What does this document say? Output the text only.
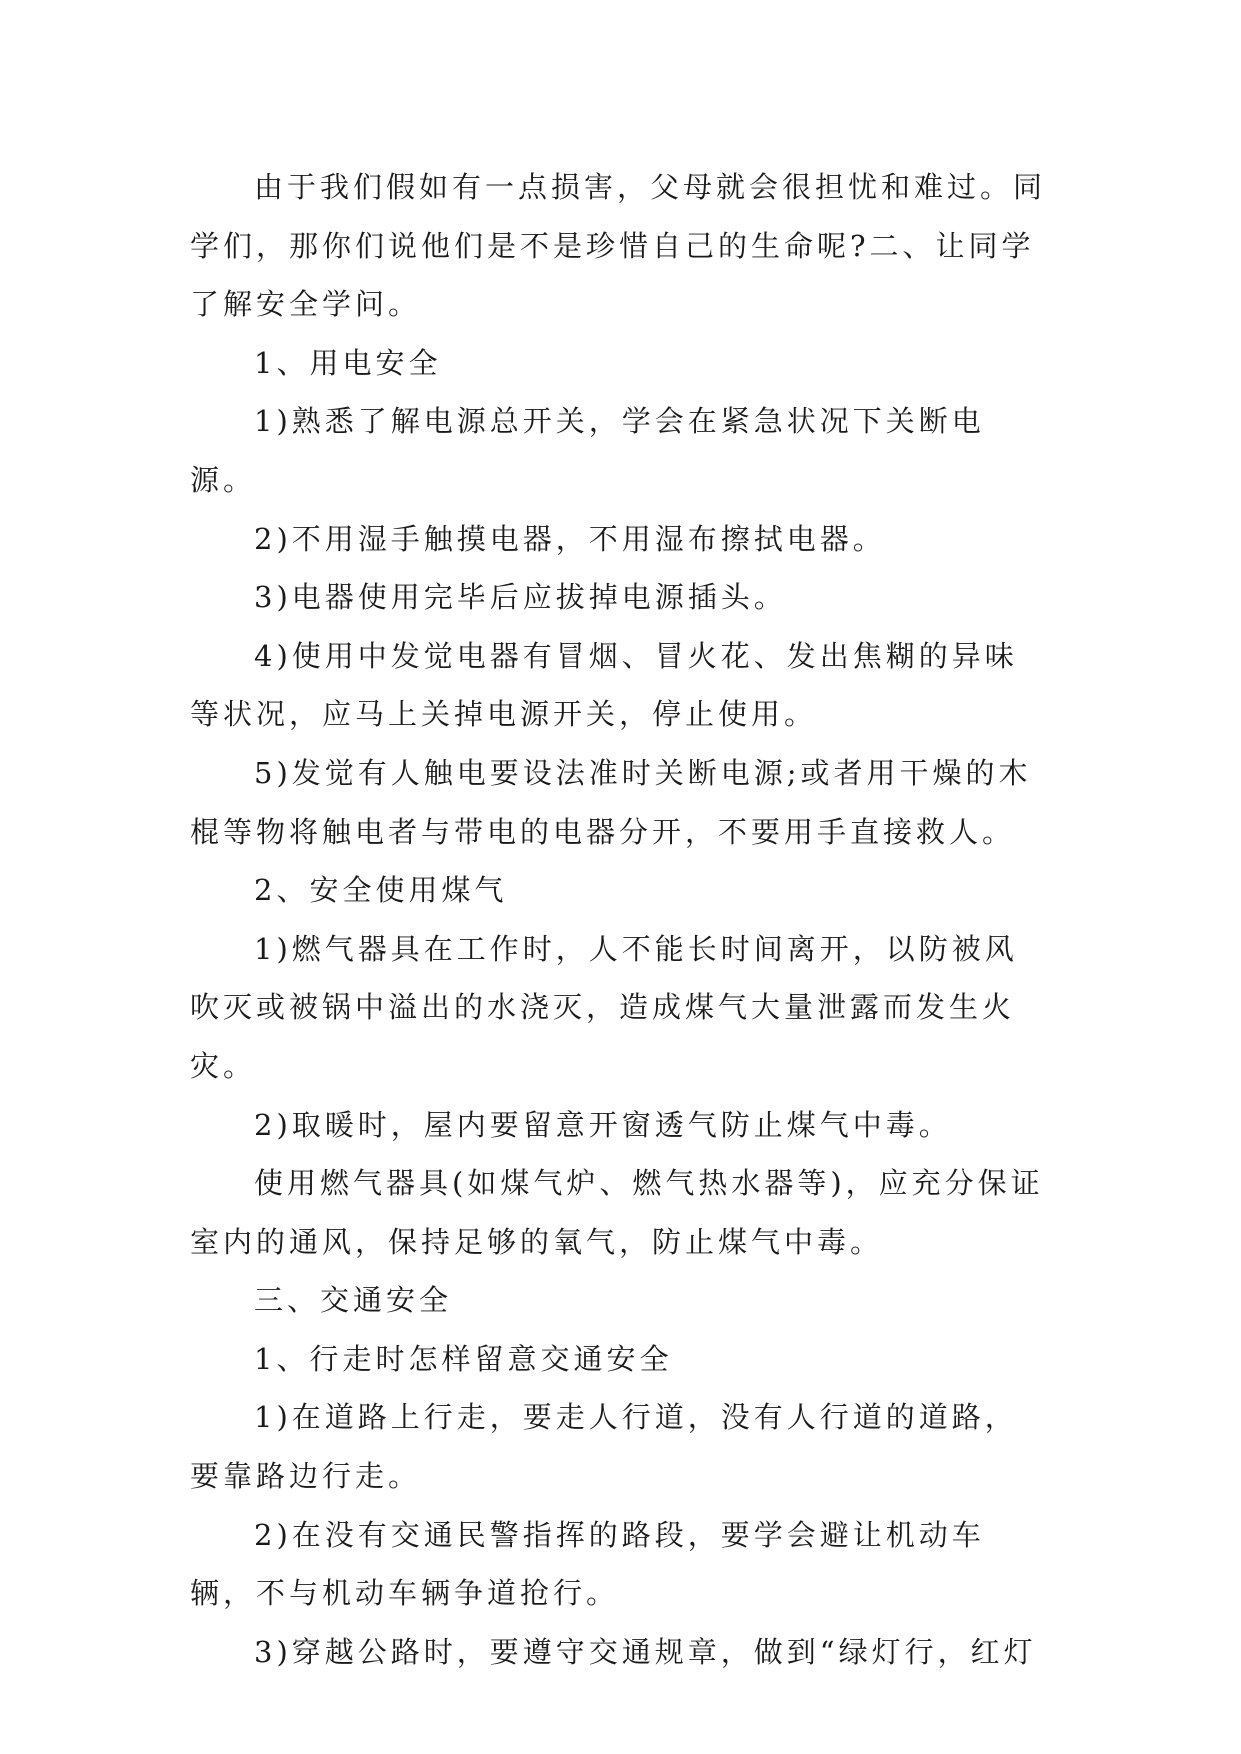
由于我们假如有一点损害，父母就会很担忧和难过。同学们，那你们说他们是不是珍惜自己的生命呢?二、让同学了解安全学问。

1、用电安全

1)熟悉了解电源总开关，学会在紧急状况下关断电源。

2)不用湿手触摸电器，不用湿布擦拭电器。

3)电器使用完毕后应拔掉电源插头。

4)使用中发觉电器有冒烟、冒火花、发出焦糊的异味等状况，应马上关掉电源开关，停止使用。

5)发觉有人触电要设法准时关断电源;或者用干燥的木棍等物将触电者与带电的电器分开，不要用手直接救人。

2、安全使用煤气

1)燃气器具在工作时，人不能长时间离开，以防被风吹灭或被锅中溢出的水浇灭，造成煤气大量泄露而发生火灾。

2)取暖时，屋内要留意开窗透气防止煤气中毒。

使用燃气器具(如煤气炉、燃气热水器等)，应充分保证室内的通风，保持足够的氧气，防止煤气中毒。

三、交通安全

1、行走时怎样留意交通安全

1)在道路上行走，要走人行道，没有人行道的道路，要靠路边行走。

2)在没有交通民警指挥的路段，要学会避让机动车辆，不与机动车辆争道抢行。

3)穿越公路时，要遵守交通规章，做到“绿灯行，红灯
